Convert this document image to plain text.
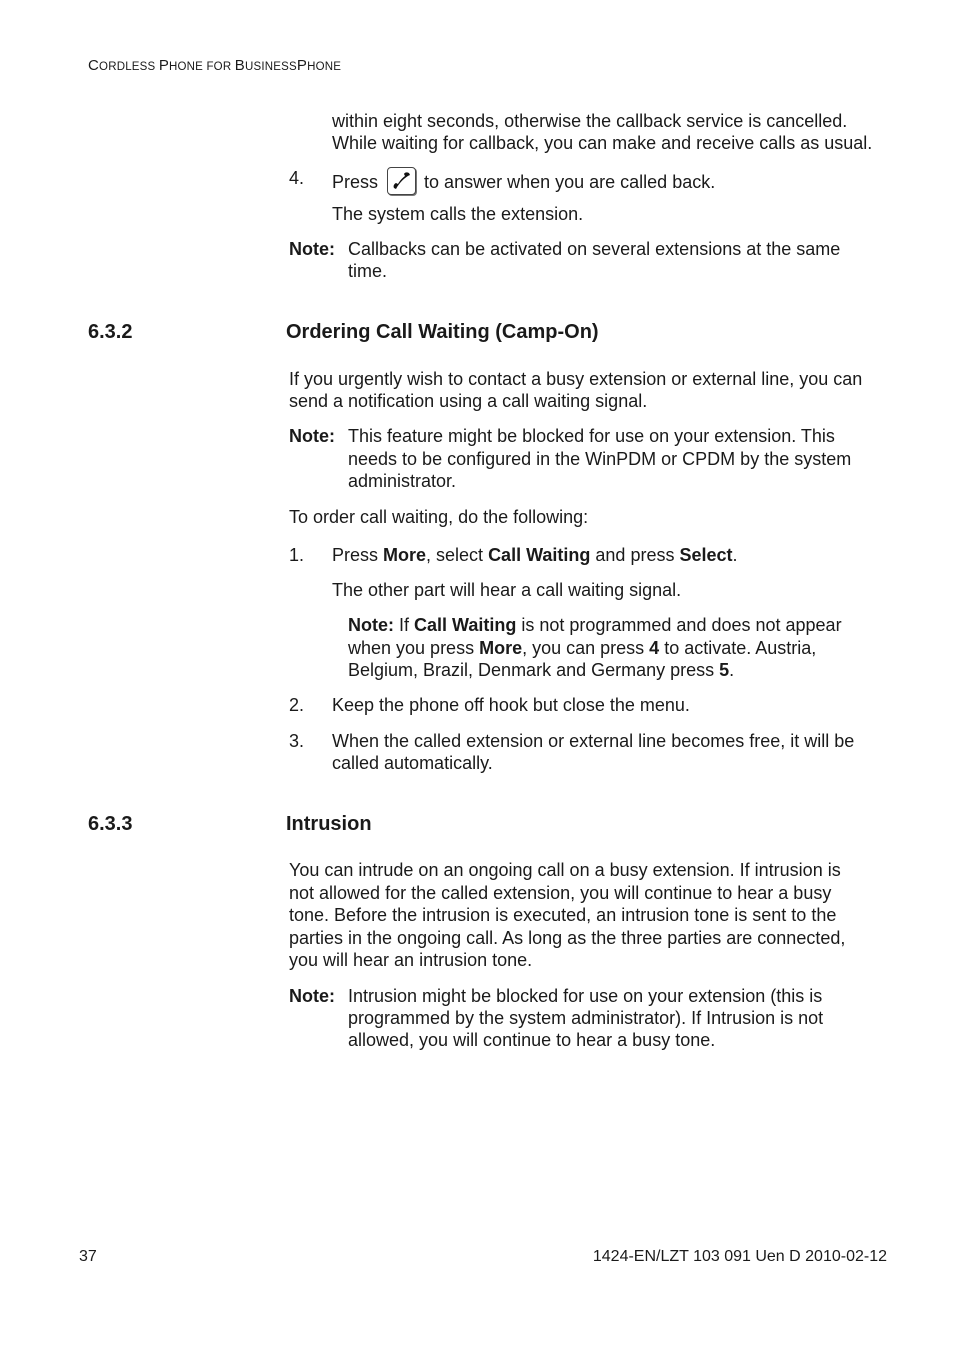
CORDLESS PHONE FOR BUSINESSPHONE

within eight seconds, otherwise the callback service is cancelled.

While waiting for callback, you can make and receive calls as usual.

4. Press	to answer when you are called back.

The system calls the extension.

Note: Callbacks can be activated on several extensions at the same

time.

6.3.2	Ordering Call Waiting (Camp-On)

If you urgently wish to contact a busy extension or external line, you can

send a notification using a call waiting signal.

Note: This feature might be blocked for use on your extension. This

needs to be configured in the WinPDM or CPDM by the system

administrator.

To order call waiting, do the following:

1. Press More, select Call Waiting and press Select.

The other part will hear a call waiting signal.

Note: If Call Waiting is not programmed and does not appear

when you press More, you can press 4 to activate. Austria,

Belgium, Brazil, Denmark and Germany press 5.

2. Keep the phone off hook but close the menu.

3. When the called extension or external line becomes free, it will be

called automatically.

6.3.3	Intrusion

You can intrude on an ongoing call on a busy extension. If intrusion is

not allowed for the called extension, you will continue to hear a busy

tone. Before the intrusion is executed, an intrusion tone is sent to the

parties in the ongoing call. As long as the three parties are connected,

you will hear an intrusion tone.

Note: Intrusion might be blocked for use on your extension (this is

programmed by the system administrator). If Intrusion is not

allowed, you will continue to hear a busy tone.

37	1424-EN/LZT 103 091 Uen D 2010-02-12
